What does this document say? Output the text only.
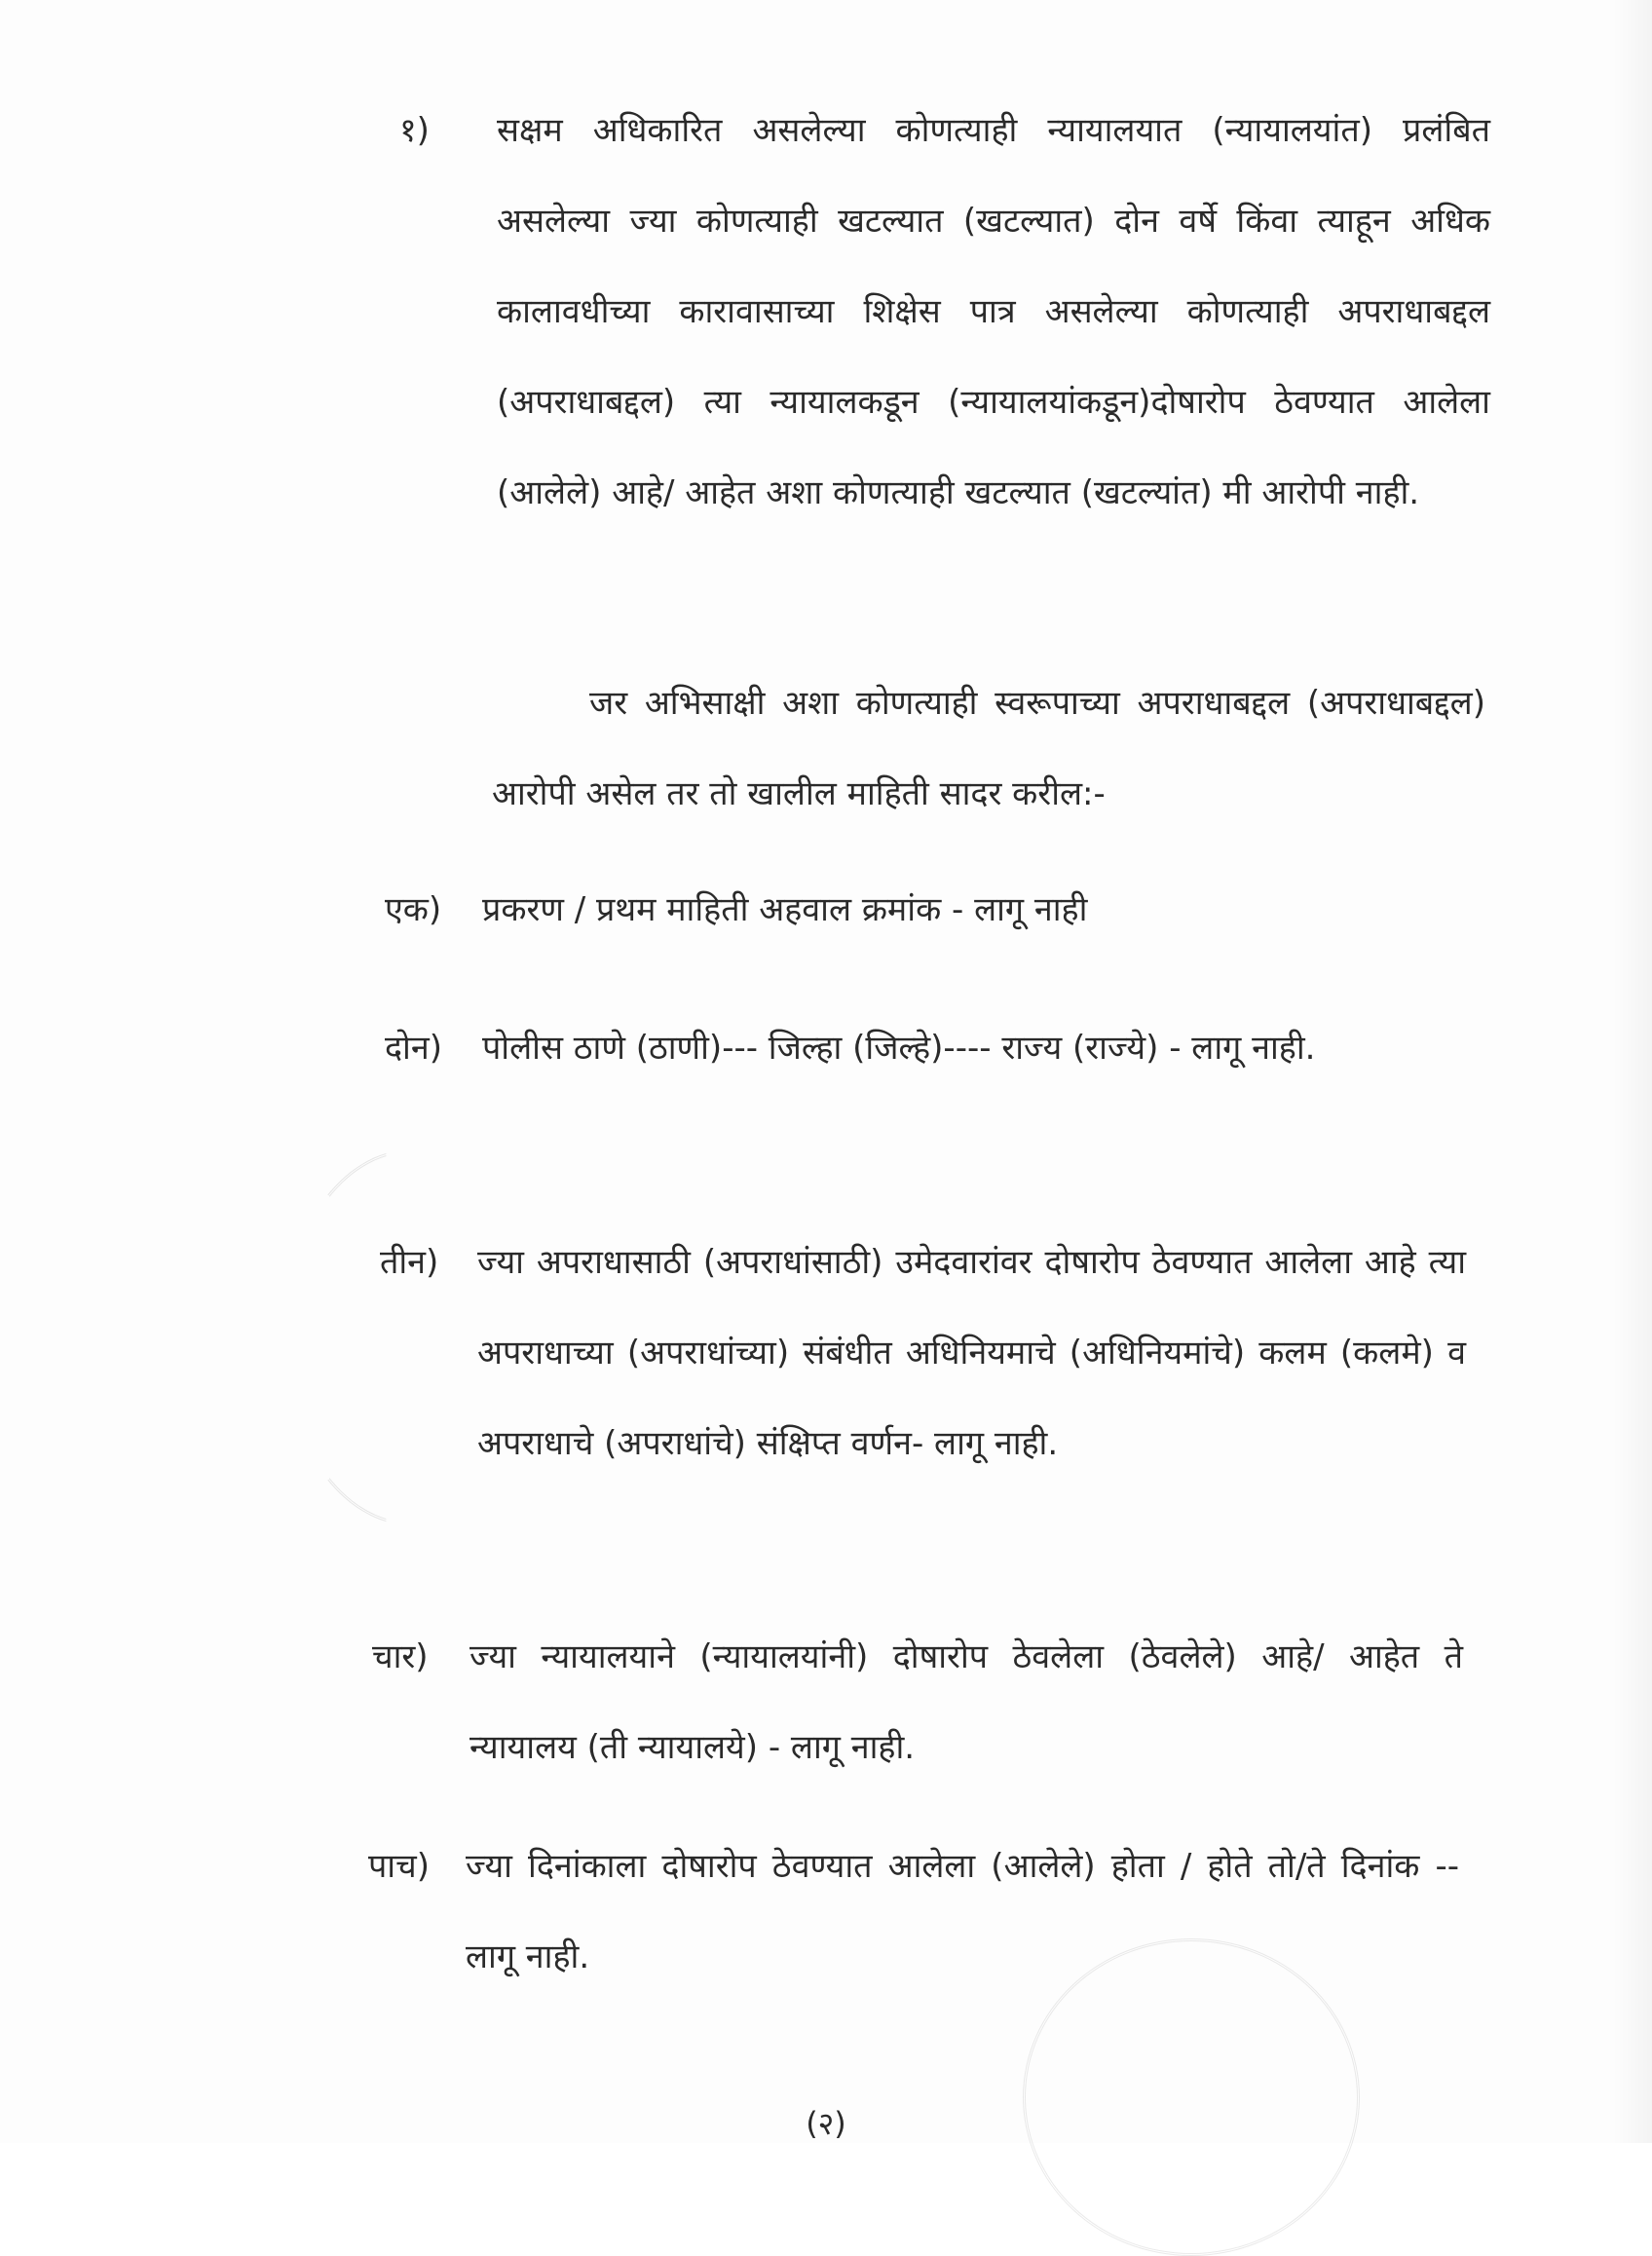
१) सक्षम अधिकारित असलेल्या कोणत्याही न्यायालयात (न्यायालयांत) प्रलंबित असलेल्या ज्या कोणत्याही खटल्यात (खटल्यात) दोन वर्षे किंवा त्याहून अधिक कालावधीच्या कारावासाच्या शिक्षेस पात्र असलेल्या कोणत्याही अपराधाबद्दल (अपराधाबद्दल) त्या न्यायालकडून (न्यायालयांकडून)दोषारोप ठेवण्यात आलेला (आलेले) आहे/ आहेत अशा कोणत्याही खटल्यात (खटल्यांत) मी आरोपी नाही.
जर अभिसाक्षी अशा कोणत्याही स्वरूपाच्या अपराधाबद्दल (अपराधाबद्दल) आरोपी असेल तर तो खालील माहिती सादर करील:-
एक) प्रकरण / प्रथम माहिती अहवाल क्रमांक - लागू नाही
दोन) पोलीस ठाणे (ठाणी)--- जिल्हा (जिल्हे)---- राज्य (राज्ये) - लागू नाही.
तीन) ज्या अपराधासाठी (अपराधांसाठी) उमेदवारांवर दोषारोप ठेवण्यात आलेला आहे त्या अपराधाच्या (अपराधांच्या) संबंधीत अधिनियमाचे (अधिनियमांचे) कलम (कलमे) व अपराधाचे (अपराधांचे) संक्षिप्त वर्णन- लागू नाही.
चार) ज्या न्यायालयाने (न्यायालयांनी) दोषारोप ठेवलेला (ठेवलेले) आहे/ आहेत ते न्यायालय (ती न्यायालये) - लागू नाही.
पाच) ज्या दिनांकाला दोषारोप ठेवण्यात आलेला (आलेले) होता / होते तो/ते दिनांक -- लागू नाही.
(२)
